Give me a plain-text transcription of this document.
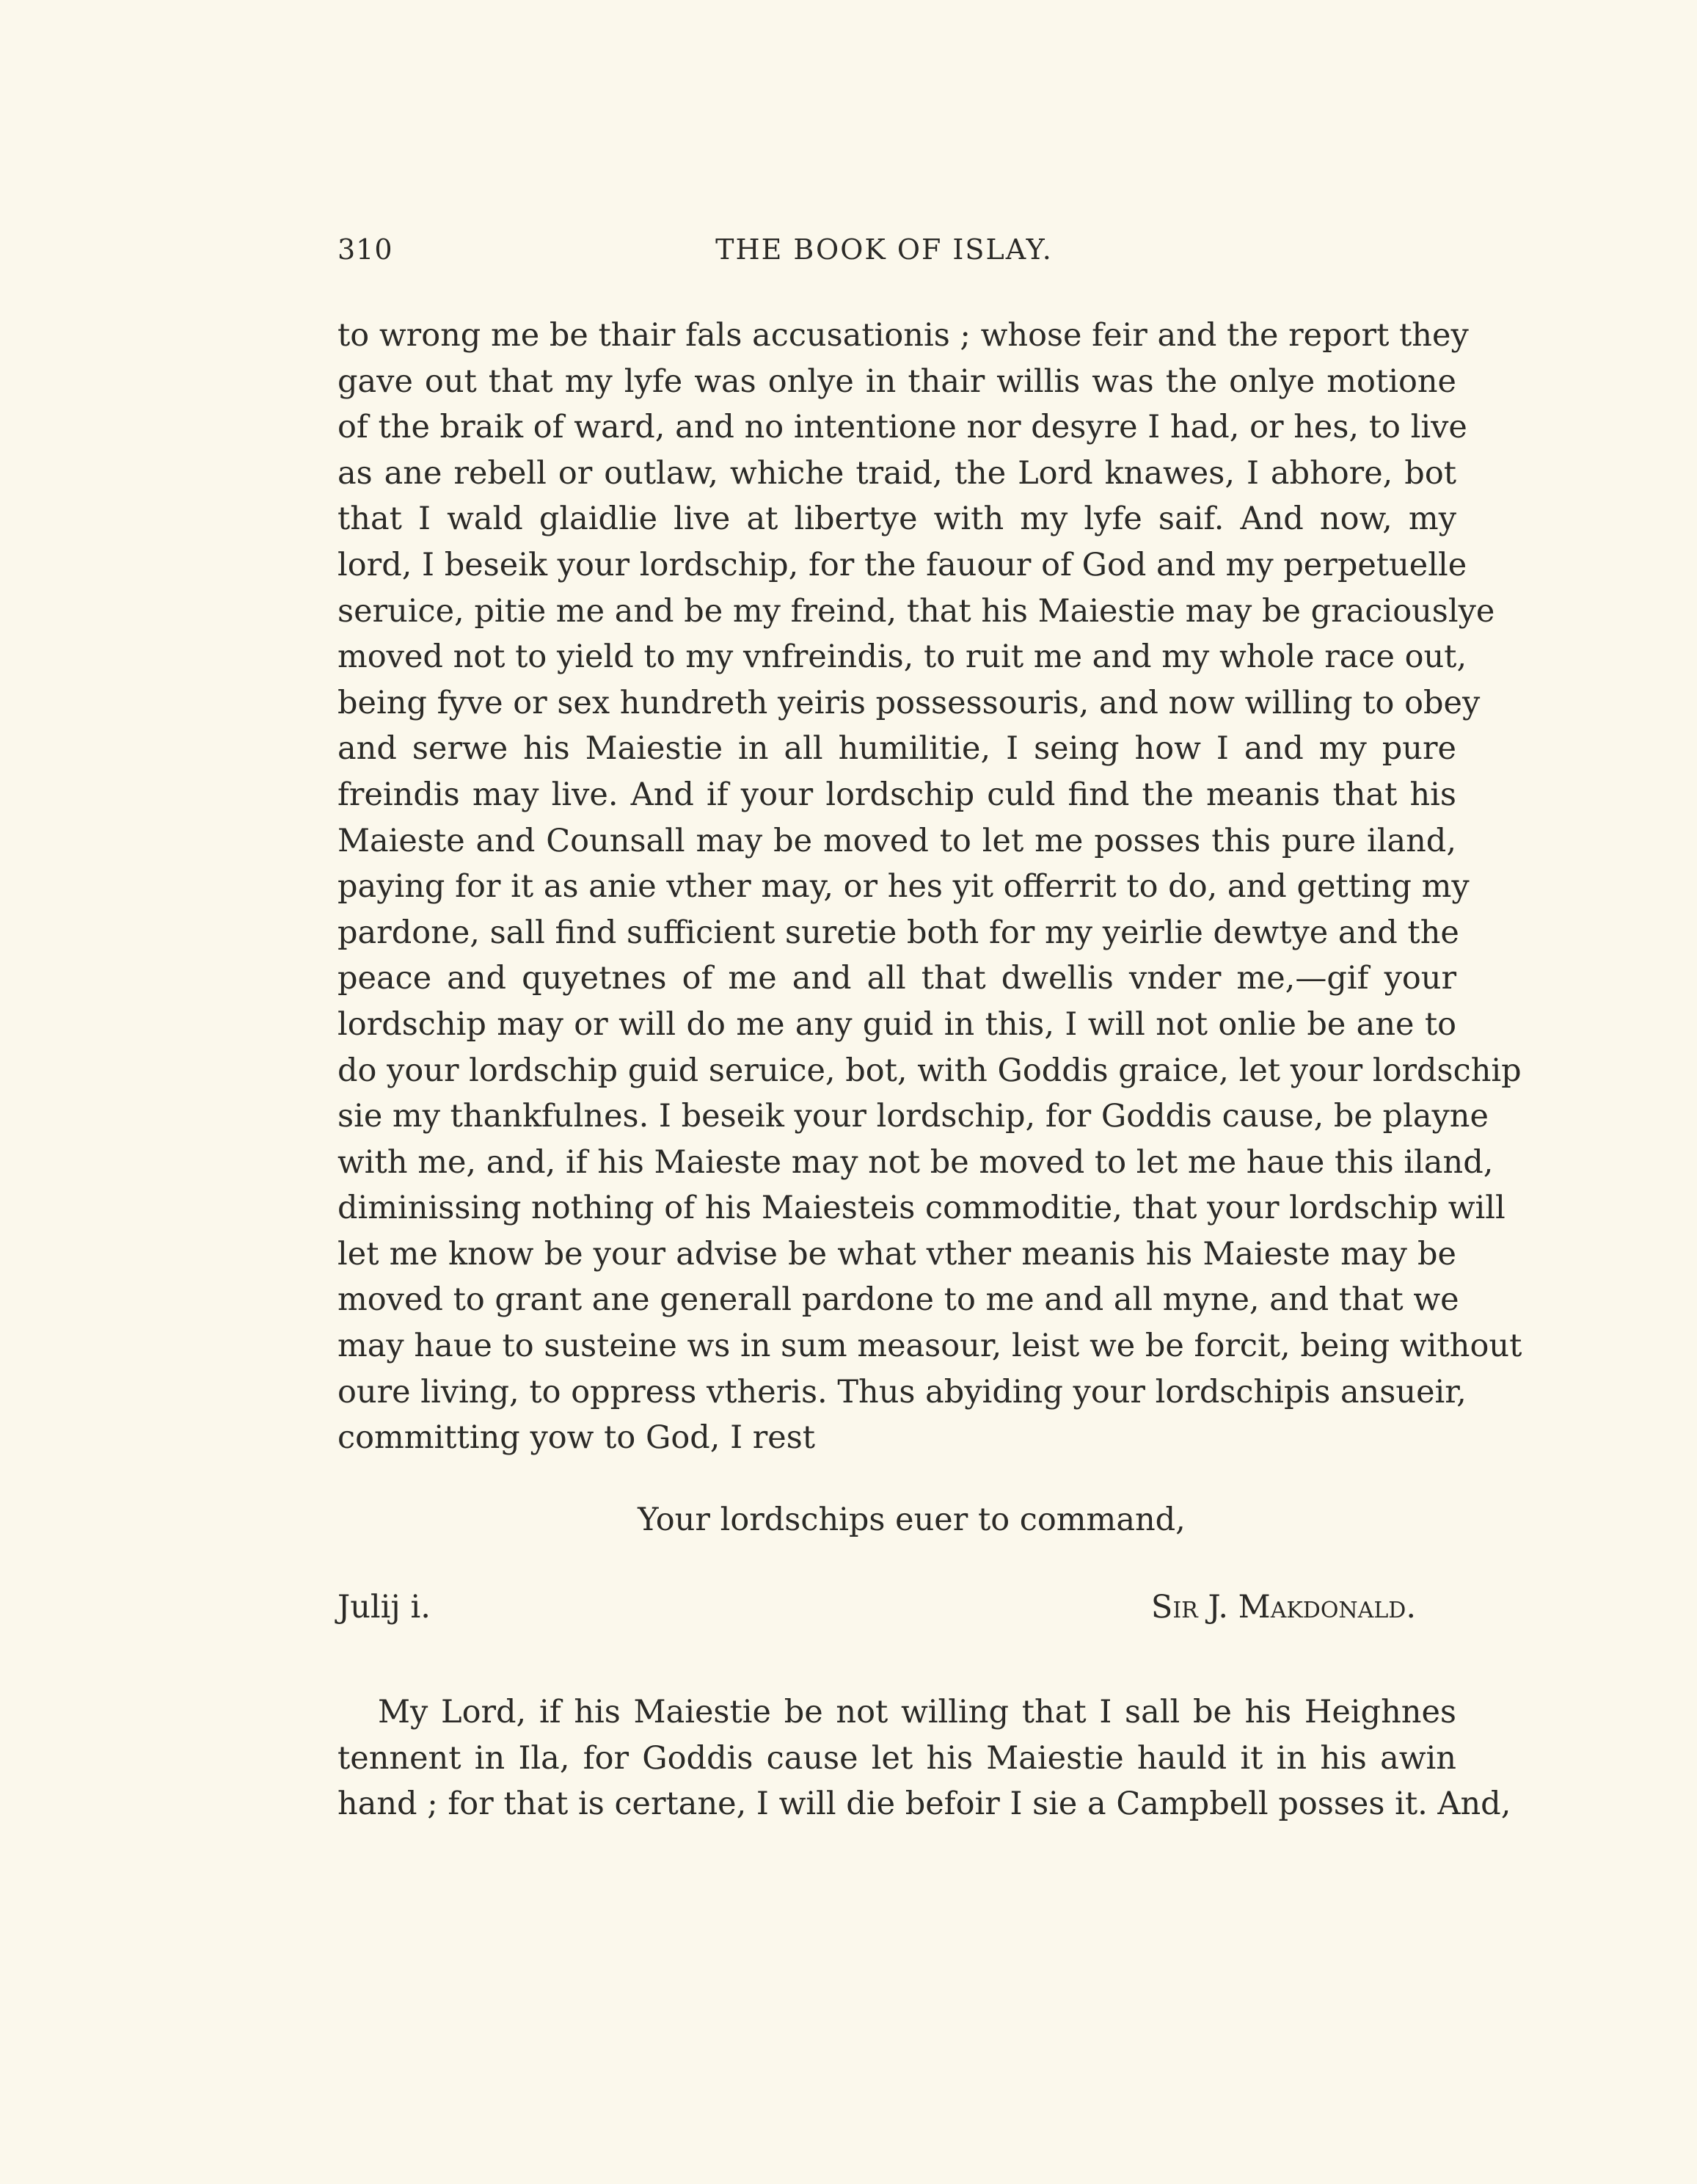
310	THE BOOK OF ISLAY.
to wrong me be thair fals accusationis ; whose feir and the report they
gave out that my lyfe was onlye in thair willis was the onlye motione
of the braik of ward, and no intentione nor desyre I had, or hes, to live
as ane rebell or outlaw, whiche traid, the Lord knawes, I abhore, bot
that I wald glaidlie live at libertye with my lyfe saif. And now, my
lord, I beseik your lordschip, for the fauour of God and my perpetuelle
seruice, pitie me and be my freind, that his Maiestie may be graciouslye
moved not to yield to my vnfreindis, to ruit me and my whole race out,
being fyve or sex hundreth yeiris possessouris, and now willing to obey
and serwe his Maiestie in all humilitie, I seing how I and my pure
freindis may live. And if your lordschip culd find the meanis that his
Maieste and Counsall may be moved to let me posses this pure iland,
paying for it as anie vther may, or hes yit offerrit to do, and getting my
pardone, sall find sufficient suretie both for my yeirlie dewtye and the
peace and quyetnes of me and all that dwellis vnder me,—gif your
lordschip may or will do me any guid in this, I will not onlie be ane to
do your lordschip guid seruice, bot, with Goddis graice, let your lordschip
sie my thankfulnes. I beseik your lordschip, for Goddis cause, be playne
with me, and, if his Maieste may not be moved to let me haue this iland,
diminissing nothing of his Maiesteis commoditie, that your lordschip will
let me know be your advise be what vther meanis his Maieste may be
moved to grant ane generall pardone to me and all myne, and that we
may haue to susteine ws in sum measour, leist we be forcit, being without
oure living, to oppress vtheris. Thus abyiding your lordschipis ansueir,
committing yow to God, I rest
Your lordschips euer to command,
Julij i.	Sir J. Makdonald.
My Lord, if his Maiestie be not willing that I sall be his Heighnes
tennent in Ila, for Goddis cause let his Maiestie hauld it in his awin
hand ; for that is certane, I will die befoir I sie a Campbell posses it. And,
